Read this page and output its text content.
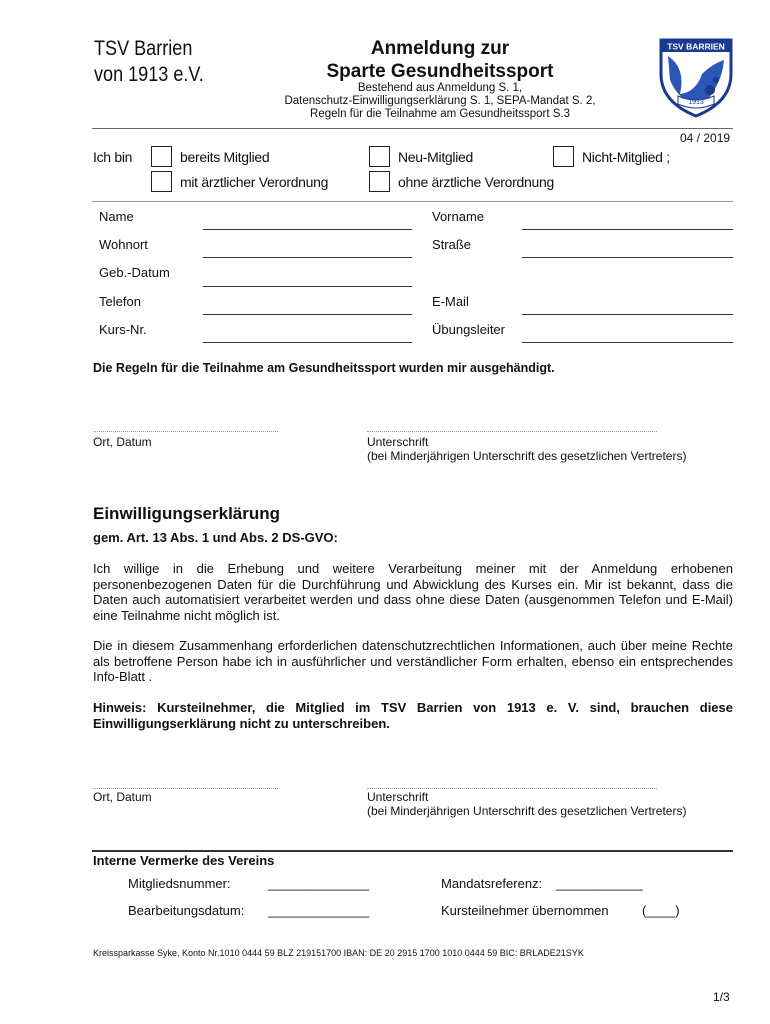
TSV Barrien
von 1913 e.V.
Anmeldung zur
Sparte Gesundheitssport
Bestehend aus Anmeldung S. 1,
Datenschutz-Einwilligungserklärung S. 1, SEPA-Mandat S. 2,
Regeln für die Teilnahme am Gesundheitssport S.3
TSV BARRIEN
1913
04 / 2019
Ich bin	bereits Mitglied	Neu-Mitglied	Nicht-Mitglied ;
mit ärztlicher Verordnung	ohne ärztliche Verordnung
Name	Vorname
Wohnort	Straße
Geb.-Datum
Telefon	E-Mail
Kurs-Nr.	Übungsleiter
Die Regeln für die Teilnahme am Gesundheitssport wurden mir ausgehändigt.
Ort, Datum	Unterschrift
(bei Minderjährigen Unterschrift des gesetzlichen Vertreters)
Einwilligungserklärung
gem. Art. 13 Abs. 1 und Abs. 2 DS-GVO:
Ich willige in die Erhebung und weitere Verarbeitung meiner mit der Anmeldung erhobenen personenbezogenen Daten für die Durchführung und Abwicklung des Kurses ein. Mir ist bekannt, dass die Daten auch automatisiert verarbeitet werden und dass ohne diese Daten (ausgenommen Telefon und E-Mail) eine Teilnahme nicht möglich ist.
Die in diesem Zusammenhang erforderlichen datenschutzrechtlichen Informationen, auch über meine Rechte als betroffene Person habe ich in ausführlicher und verständlicher Form erhalten, ebenso ein entsprechendes Info-Blatt .
Hinweis: Kursteilnehmer, die Mitglied im TSV Barrien von 1913 e. V. sind, brauchen diese Einwilligungserklärung nicht zu unterschreiben.
Ort, Datum	Unterschrift
(bei Minderjährigen Unterschrift des gesetzlichen Vertreters)
Interne Vermerke des Vereins
Mitgliedsnummer:	______________	Mandatsreferenz: ____________
Bearbeitungsdatum: ______________	Kursteilnehmer übernommen	(____)
Kreissparkasse Syke, Konto Nr.1010 0444 59 BLZ 219151700 IBAN: DE 20 2915 1700 1010 0444 59 BIC: BRLADE21SYK
1/3
